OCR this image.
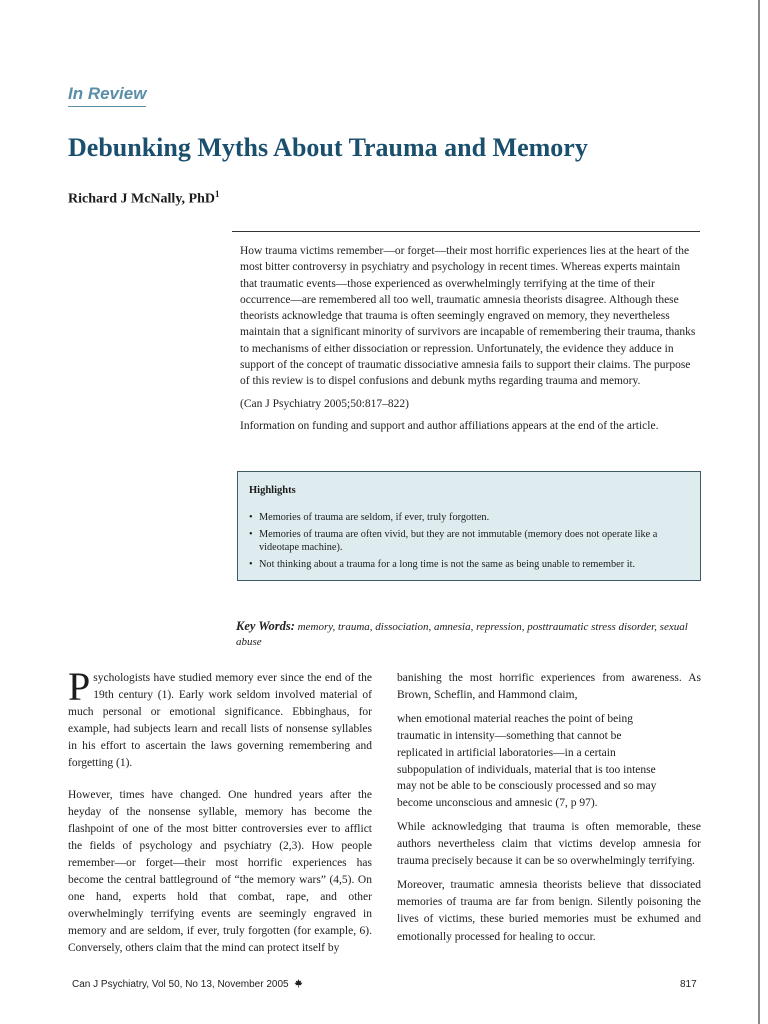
In Review
Debunking Myths About Trauma and Memory
Richard J McNally, PhD$^1$

How trauma victims remember—or forget—their most horrific experiences lies at the heart of the most bitter controversy in psychiatry and psychology in recent times. Whereas experts maintain that traumatic events—those experienced as overwhelmingly terrifying at the time of their occurrence—are remembered all too well, traumatic amnesia theorists disagree. Although these theorists acknowledge that trauma is often seemingly engraved on memory, they nevertheless maintain that a significant minority of survivors are incapable of remembering their trauma, thanks to mechanisms of either dissociation or repression. Unfortunately, the evidence they adduce in support of the concept of traumatic dissociative amnesia fails to support their claims. The purpose of this review is to dispel confusions and debunk myths regarding trauma and memory.

(Can J Psychiatry 2005;50:817–822)

Information on funding and support and author affiliations appears at the end of the article.

Highlights
• Memories of trauma are seldom, if ever, truly forgotten.
• Memories of trauma are often vivid, but they are not immutable (memory does not operate like a videotape machine).
• Not thinking about a trauma for a long time is not the same as being unable to remember it.
Key Words: memory, trauma, dissociation, amnesia, repression, posttraumatic stress disorder, sexual abuse

Psychologists have studied memory ever since the end of the 19th century (1). Early work seldom involved material of much personal or emotional significance. Ebbinghaus, for example, had subjects learn and recall lists of nonsense syllables in his effort to ascertain the laws governing remembering and forgetting (1).

However, times have changed. One hundred years after the heyday of the nonsense syllable, memory has become the flashpoint of one of the most bitter controversies ever to afflict the fields of psychology and psychiatry (2,3). How people remember—or forget—their most horrific experiences has become the central battleground of “the memory wars” (4,5). On one hand, experts hold that combat, rape, and other overwhelmingly terrifying events are seemingly engraved in memory and are seldom, if ever, truly forgotten (for example, 6). Conversely, others claim that the mind can protect itself by

banishing the most horrific experiences from awareness. As Brown, Scheflin, and Hammond claim,

when emotional material reaches the point of being traumatic in intensity—something that cannot be replicated in artificial laboratories—in a certain subpopulation of individuals, material that is too intense may not be able to be consciously processed and so may become unconscious and amnesic (7, p 97).

While acknowledging that trauma is often memorable, these authors nevertheless claim that victims develop amnesia for trauma precisely because it can be so overwhelmingly terrifying.

Moreover, traumatic amnesia theorists believe that dissociated memories of trauma are far from benign. Silently poisoning the lives of victims, these buried memories must be exhumed and emotionally processed for healing to occur.

Can J Psychiatry, Vol 50, No 13, November 2005	817
